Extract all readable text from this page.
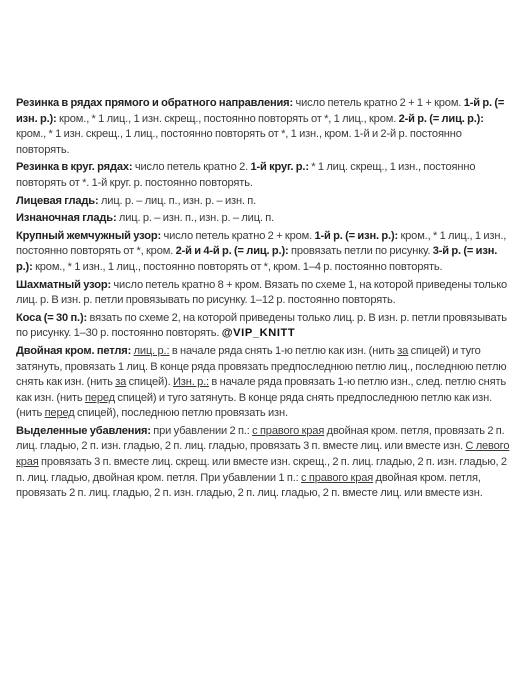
Резинка в рядах прямого и обратного направления: число петель кратно 2 + 1 + кром. 1-й р. (= изн. р.): кром., * 1 лиц., 1 изн. скрещ., постоянно повторять от *, 1 лиц., кром. 2-й р. (= лиц. р.): кром., * 1 изн. скрещ., 1 лиц., постоянно повторять от *, 1 изн., кром. 1-й и 2-й р. постоянно повторять.

Резинка в круг. рядах: число петель кратно 2. 1-й круг. р.: * 1 лиц. скрещ., 1 изн., постоянно повторять от *. 1-й круг. р. постоянно повторять.

Лицевая гладь: лиц. р. – лиц. п., изн. р. – изн. п.

Изнаночная гладь: лиц. р. – изн. п., изн. р. – лиц. п.

Крупный жемчужный узор: число петель кратно 2 + кром. 1-й р. (= изн. р.): кром., * 1 лиц., 1 изн., постоянно повторять от *, кром. 2-й и 4-й р. (= лиц. р.): провязать петли по рисунку. 3-й р. (= изн. р.): кром., * 1 изн., 1 лиц., постоянно повторять от *, кром. 1–4 р. постоянно повторять.

Шахматный узор: число петель кратно 8 + кром. Вязать по схеме 1, на которой приведены только лиц. р. В изн. р. петли провязывать по рисунку. 1–12 р. постоянно повторять.

Коса (= 30 п.): вязать по схеме 2, на которой приведены только лиц. р. В изн. р. петли провязывать по рисунку. 1–30 р. постоянно повторять. @VIP_KNITT

Двойная кром. петля: лиц. р.: в начале ряда снять 1-ю петлю как изн. (нить за спицей) и туго затянуть, провязать 1 лиц. В конце ряда провязать предпоследнюю петлю лиц., последнюю петлю снять как изн. (нить за спицей). Изн. р.: в начале ряда провязать 1-ю петлю изн., след. петлю снять как изн. (нить перед спицей) и туго затянуть. В конце ряда снять предпоследнюю петлю как изн. (нить перед спицей), последнюю петлю провязать изн.

Выделенные убавления: при убавлении 2 п.: с правого края двойная кром. петля, провязать 2 п. лиц. гладью, 2 п. изн. гладью, 2 п. лиц. гладью, провязать 3 п. вместе лиц. или вместе изн. С левого края провязать 3 п. вместе лиц. скрещ. или вместе изн. скрещ., 2 п. лиц. гладью, 2 п. изн. гладью, 2 п. лиц. гладью, двойная кром. петля. При убавлении 1 п.: с правого края двойная кром. петля, провязать 2 п. лиц. гладью, 2 п. изн. гладью, 2 п. лиц. гладью, 2 п. вместе лиц. или вместе изн.
